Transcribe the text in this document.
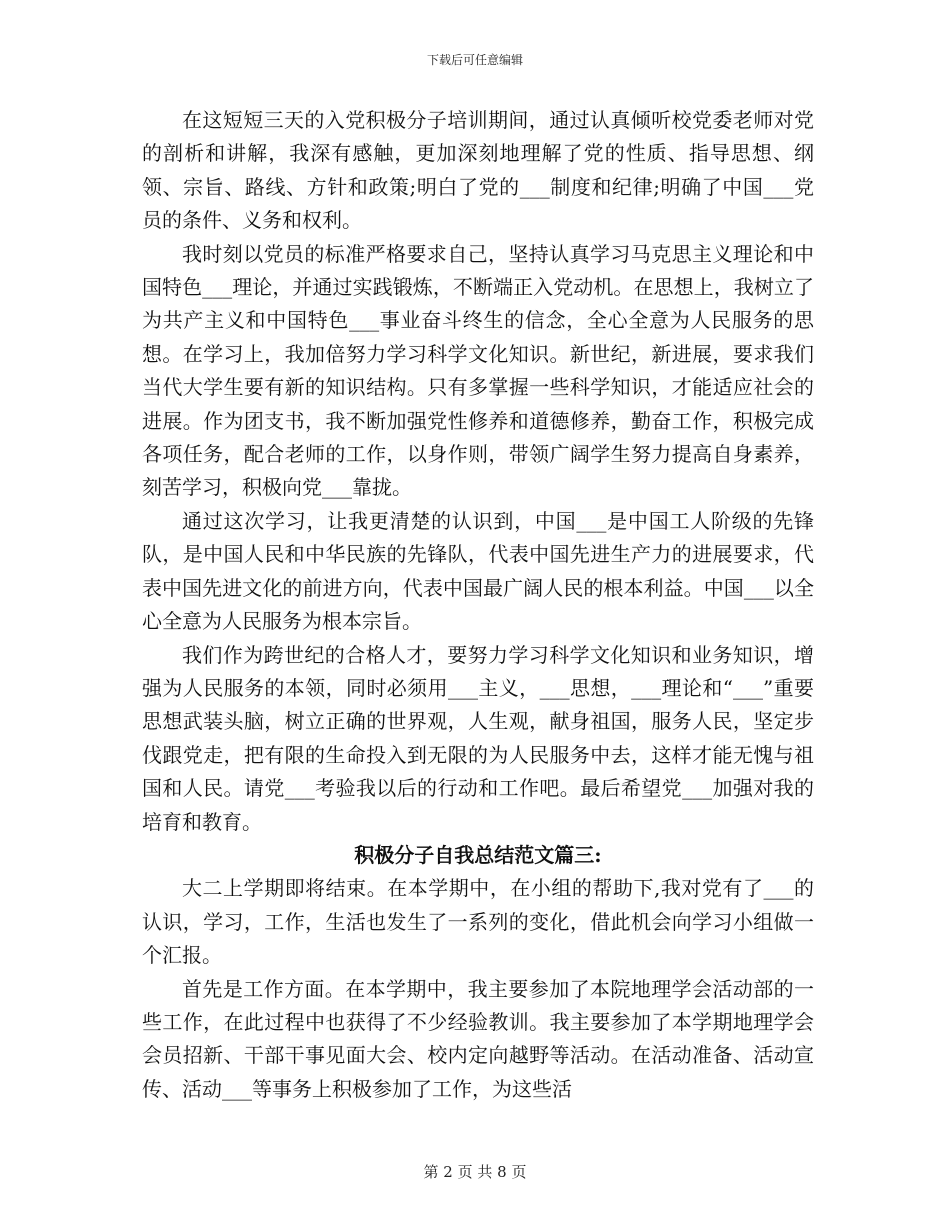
下载后可任意编辑

在这短短三天的入党积极分子培训期间，通过认真倾听校党委老师对党的剖析和讲解，我深有感触，更加深刻地理解了党的性质、指导思想、纲领、宗旨、路线、方针和政策;明白了党的___制度和纪律;明确了中国___党员的条件、义务和权利。

我时刻以党员的标准严格要求自己，坚持认真学习马克思主义理论和中国特色___理论，并通过实践锻炼，不断端正入党动机。在思想上，我树立了为共产主义和中国特色___事业奋斗终生的信念，全心全意为人民服务的思想。在学习上，我加倍努力学习科学文化知识。新世纪，新进展，要求我们当代大学生要有新的知识结构。只有多掌握一些科学知识，才能适应社会的进展。作为团支书，我不断加强党性修养和道德修养，勤奋工作，积极完成各项任务，配合老师的工作，以身作则，带领广阔学生努力提高自身素养，刻苦学习，积极向党___靠拢。

通过这次学习，让我更清楚的认识到，中国___是中国工人阶级的先锋队，是中国人民和中华民族的先锋队，代表中国先进生产力的进展要求，代表中国先进文化的前进方向，代表中国最广阔人民的根本利益。中国___以全心全意为人民服务为根本宗旨。

我们作为跨世纪的合格人才，要努力学习科学文化知识和业务知识，增强为人民服务的本领，同时必须用___主义，___思想，___理论和“___”重要思想武装头脑，树立正确的世界观，人生观，献身祖国，服务人民，坚定步伐跟党走，把有限的生命投入到无限的为人民服务中去，这样才能无愧与祖国和人民。请党___考验我以后的行动和工作吧。最后希望党___加强对我的培育和教育。

积极分子自我总结范文篇三:

大二上学期即将结束。在本学期中，在小组的帮助下,我对党有了___的认识，学习，工作，生活也发生了一系列的变化，借此机会向学习小组做一个汇报。

首先是工作方面。在本学期中，我主要参加了本院地理学会活动部的一些工作，在此过程中也获得了不少经验教训。我主要参加了本学期地理学会会员招新、干部干事见面大会、校内定向越野等活动。在活动准备、活动宣传、活动___等事务上积极参加了工作，为这些活

第 2 页 共 8 页
